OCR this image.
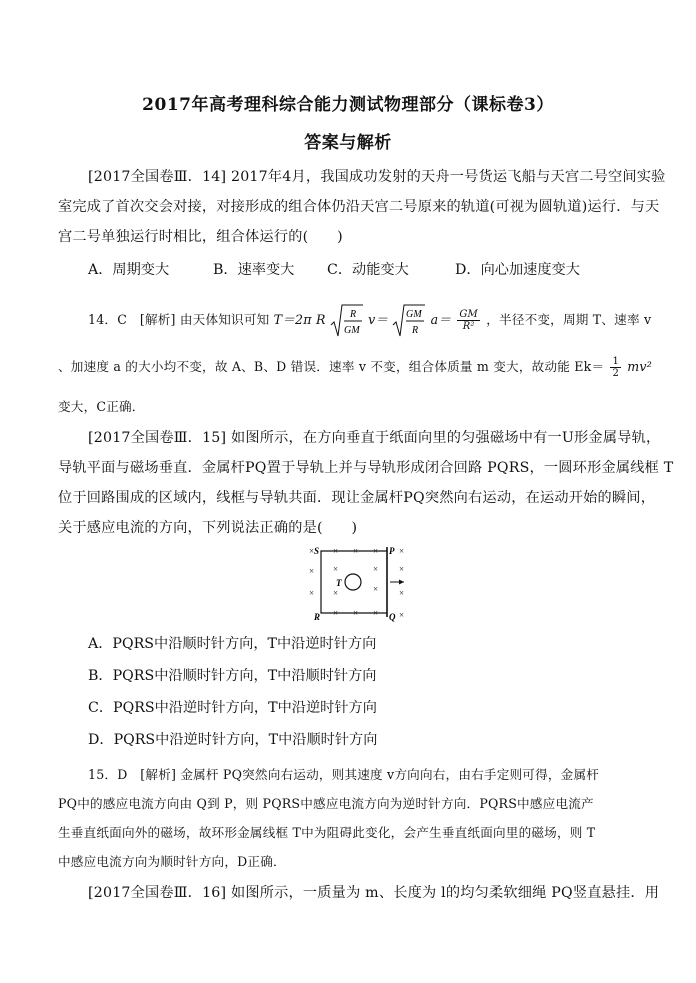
2017年高考理科综合能力测试物理部分（课标卷3）
答案与解析
[2017全国卷Ⅲ．14] 2017年4月，我国成功发射的天舟一号货运飞船与天宫二号空间实验
室完成了首次交会对接，对接形成的组合体仍沿天宫二号原来的轨道(可视为圆轨道)运行．与天
宫二号单独运行时相比，组合体运行的(　　)
A．周期变大	B．速率变大 C．动能变大	D．向心加速度变大
14．C　[解析] 由天体知识可知 T＝2π R R
GM
v＝ GM
R
$a= \frac{GM}{\text{R²}}$ ，半径不变，周期 T、速率 v
、加速度 a 的大小均不变，故 A、B、D 错误．速率 v 不变，组合体质量 m 变大，故动能 $Ek= \frac{1}{2} mv^2$
变大，C正确．
[2017全国卷Ⅲ．15] 如图所示，在方向垂直于纸面向里的匀强磁场中有一U形金属导轨，
导轨平面与磁场垂直．金属杆PQ置于导轨上并与导轨形成闭合回路 PQRS，一圆环形金属线框 T
位于回路围成的区域内，线框与导轨共面．现让金属杆PQ突然向右运动，在运动开始的瞬间，
关于感应电流的方向，下列说法正确的是(　　)
S	P
R	Q
T
× × × × ×
× ×	× ×
× ×	× ×
× × × ×
A．PQRS中沿顺时针方向，T中沿逆时针方向
B．PQRS中沿顺时针方向，T中沿顺时针方向
C．PQRS中沿逆时针方向，T中沿逆时针方向
D．PQRS中沿逆时针方向，T中沿顺时针方向
15．D　[解析] 金属杆 PQ突然向右运动，则其速度 v方向向右，由右手定则可得，金属杆
PQ中的感应电流方向由 Q到 P，则 PQRS中感应电流方向为逆时针方向．PQRS中感应电流产
生垂直纸面向外的磁场，故环形金属线框 T中为阻碍此变化，会产生垂直纸面向里的磁场，则 T
中感应电流方向为顺时针方向，D正确．
[2017全国卷Ⅲ．16] 如图所示，一质量为 m、长度为 l的均匀柔软细绳 PQ竖直悬挂．用
